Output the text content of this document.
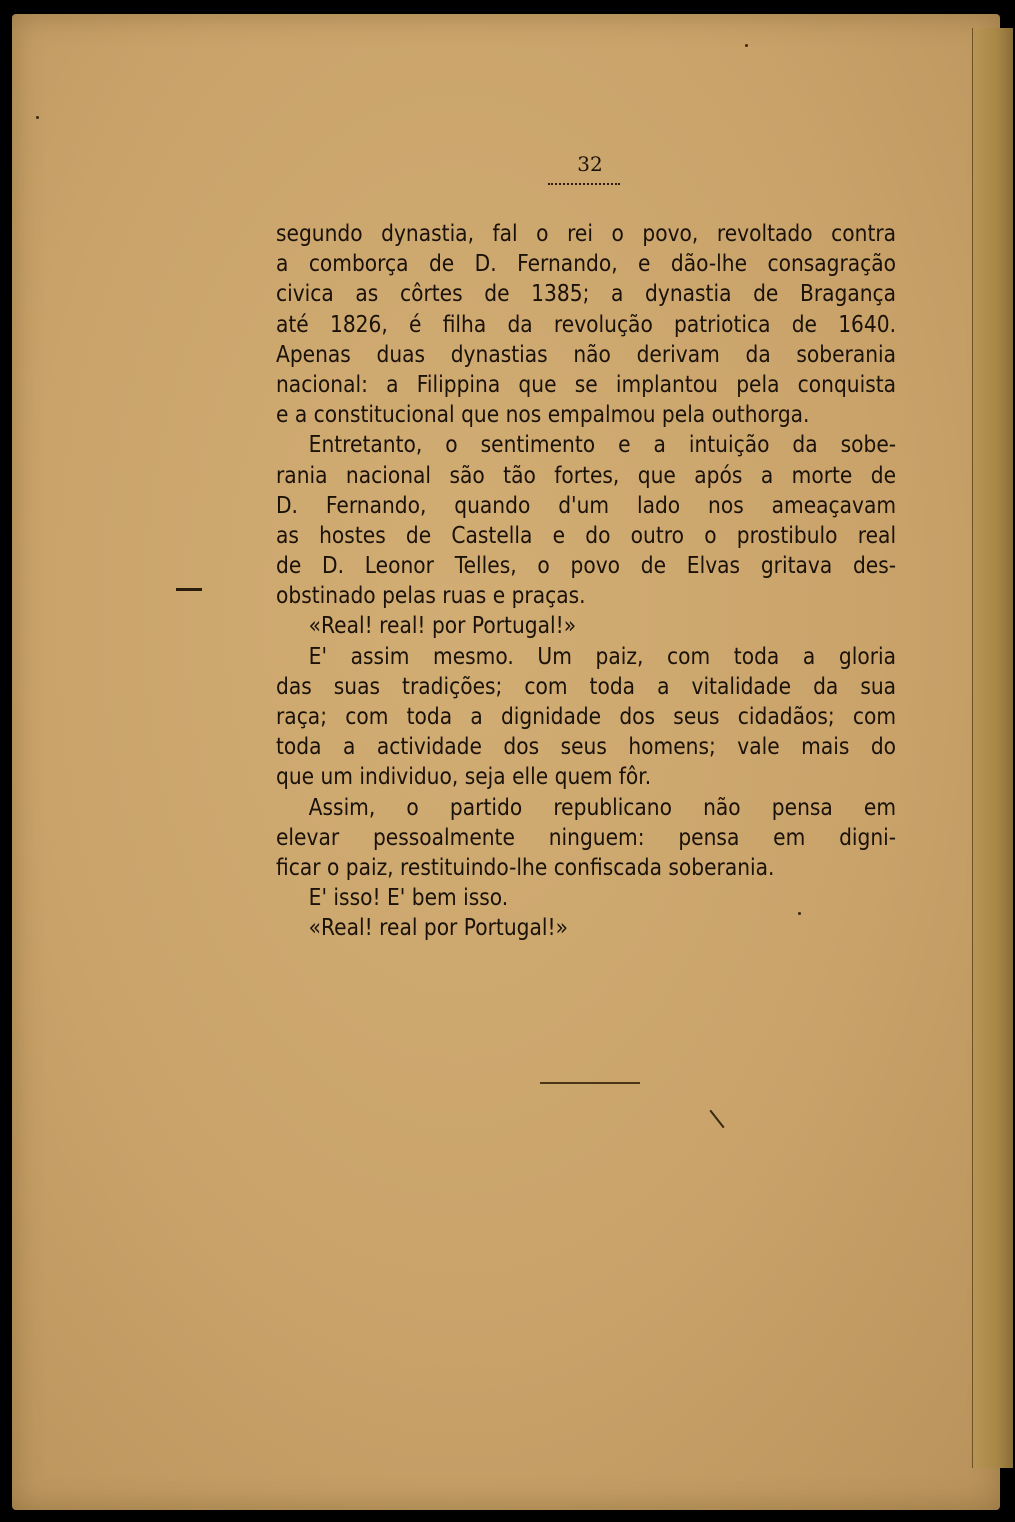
32
segundo dynastia, fal o rei o povo, revoltado contra
a comborça de D. Fernando, e dão-lhe consagração
civica as côrtes de 1385; a dynastia de Bragança
até 1826, é filha da revolução patriotica de 1640.
Apenas duas dynastias não derivam da soberania
nacional: a Filippina que se implantou pela conquista
e a constitucional que nos empalmou pela outhorga.
Entretanto, o sentimento e a intuição da sobe-
rania nacional são tão fortes, que após a morte de
D. Fernando, quando d'um lado nos ameaçavam
as hostes de Castella e do outro o prostibulo real
de D. Leonor Telles, o povo de Elvas gritava des-
obstinado pelas ruas e praças.
«Real! real! por Portugal!»
E' assim mesmo. Um paiz, com toda a gloria
das suas tradições; com toda a vitalidade da sua
raça; com toda a dignidade dos seus cidadãos; com
toda a actividade dos seus homens; vale mais do
que um individuo, seja elle quem fôr.
Assim, o partido republicano não pensa em
elevar pessoalmente ninguem: pensa em digni-
ficar o paiz, restituindo-lhe confiscada soberania.
E' isso! E' bem isso.
«Real! real por Portugal!»
